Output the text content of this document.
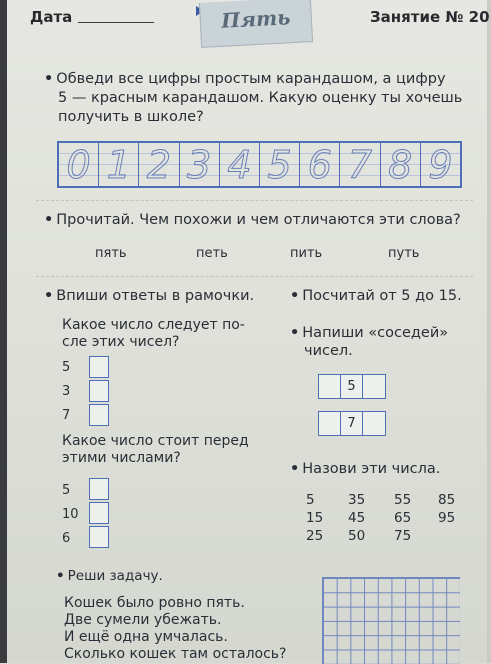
Дата	Пять	Занятие № 20
• Обведи все цифры простым карандашом, а цифру
5 — красным карандашом. Какую оценку ты хочешь
получить в школе?
0 1 2 3 4 5 6 7 8 9
• Прочитай. Чем похожи и чем отличаются эти слова?
пять	петь	пить	путь
• Впиши ответы в рамочки.
Какое число следует по-
сле этих чисел?
5
3
7
Какое число стоит перед
этими числами?
5
10
6
• Посчитай от 5 до 15.
• Напиши «соседей»
чисел.
5
7
• Назови эти числа.
5 35 55 85
15 45 65 95
25 50 75
• Реши задачу.
Кошек было ровно пять.
Две сумели убежать.
И ещё одна умчалась.
Сколько кошек там осталось?
